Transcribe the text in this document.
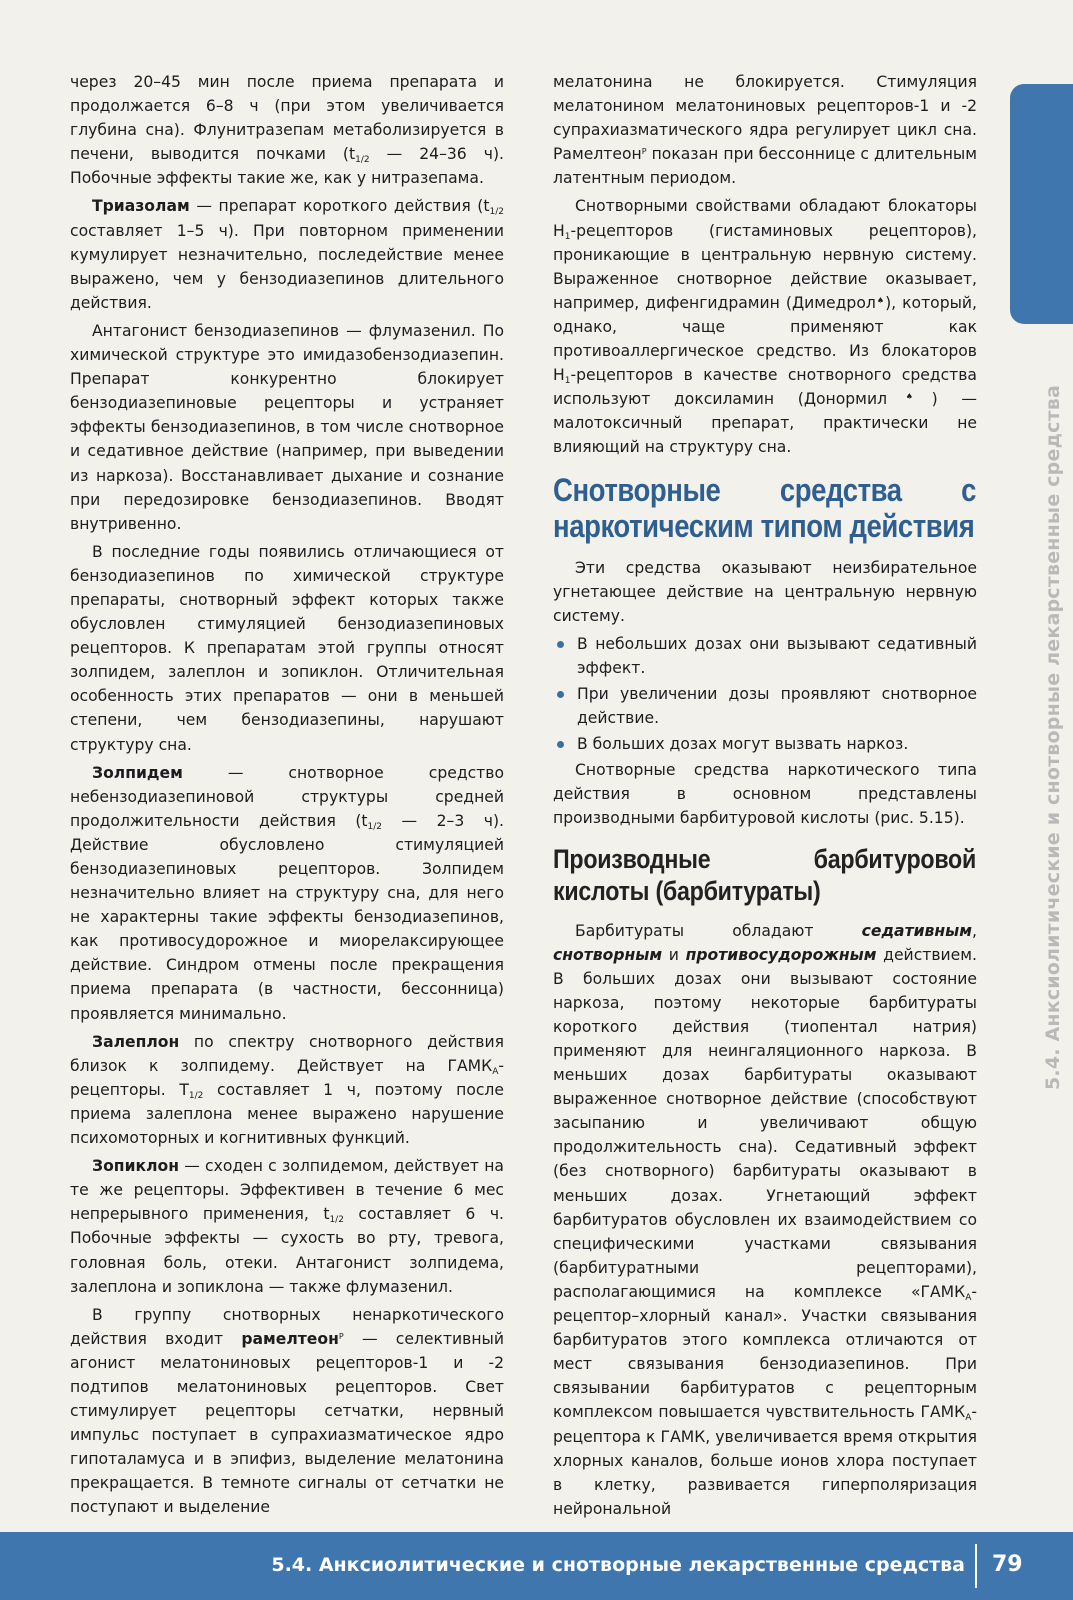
5.4. Анксиолитические и снотворные лекарственные средства

через 20–45 мин после приема препарата и продолжается 6–8 ч (при этом увеличивается глубина сна). Флунитразепам метаболизируется в печени, выводится почками ($t_{1/2}$ — 24–36 ч). Побочные эффекты такие же, как у нитразепама.

Триазолам — препарат короткого действия ($t_{1/2}$ составляет 1–5 ч). При повторном применении кумулирует незначительно, последействие менее выражено, чем у бензодиазепинов длительного действия.

Антагонист бензодиазепинов — флумазенил. По химической структуре это имидазобензодиазепин. Препарат конкурентно блокирует бензодиазепиновые рецепторы и устраняет эффекты бензодиазепинов, в том числе снотворное и седативное действие (например, при выведении из наркоза). Восстанавливает дыхание и сознание при передозировке бензодиазепинов. Вводят внутривенно.

В последние годы появились отличающиеся от бензодиазепинов по химической структуре препараты, снотворный эффект которых также обусловлен стимуляцией бензодиазепиновых рецепторов. К препаратам этой группы относят золпидем, залеплон и зопиклон. Отличительная особенность этих препаратов — они в меньшей степени, чем бензодиазепины, нарушают структуру сна.

Золпидем — снотворное средство небензодиазепиновой структуры средней продолжительности действия ($t_{1/2}$ — 2–3 ч). Действие обусловлено стимуляцией бензодиазепиновых рецепторов. Золпидем незначительно влияет на структуру сна, для него не характерны такие эффекты бензодиазепинов, как противосудорожное и миорелаксирующее действие. Синдром отмены после прекращения приема препарата (в частности, бессонница) проявляется минимально.

Залеплон по спектру снотворного действия близок к золпидему. Действует на $ГАМК_А$-рецепторы. $T_{1/2}$ составляет 1 ч, поэтому после приема залеплона менее выражено нарушение психомоторных и когнитивных функций.

Зопиклон — сходен с золпидемом, действует на те же рецепторы. Эффективен в течение 6 мес непрерывного применения, $t_{1/2}$ составляет 6 ч. Побочные эффекты — сухость во рту, тревога, головная боль, отеки. Антагонист золпидема, залеплона и зопиклона — также флумазенил.

В группу снотворных ненаркотического действия входит рамелтеон$^Р$ — селективный агонист мелатониновых рецепторов-1 и -2 подтипов мелатониновых рецепторов. Свет стимулирует рецепторы сетчатки, нервный импульс поступает в супрахиазматическое ядро гипоталамуса и в эпифиз, выделение мелатонина прекращается. В темноте сигналы от сетчатки не поступают и выделение

мелатонина не блокируется. Стимуляция мелатонином мелатониновых рецепторов-1 и -2 супрахиазматического ядра регулирует цикл сна. Рамелтеон$^Р$ показан при бессоннице с длительным латентным периодом.

Снотворными свойствами обладают блокаторы $H_1$-рецепторов (гистаминовых рецепторов), проникающие в центральную нервную систему. Выраженное снотворное действие оказывает, например, дифенгидрамин (Димедрол♠), который, однако, чаще применяют как противоаллергическое средство. Из блокаторов $H_1$-рецепторов в качестве снотворного средства используют доксиламин (Донормил♠) — малотоксичный препарат, практически не влияющий на структуру сна.

Снотворные средства с наркотическим типом действия

Эти средства оказывают неизбирательное угнетающее действие на центральную нервную систему.

В небольших дозах они вызывают седативный эффект.
При увеличении дозы проявляют снотворное действие.
В больших дозах могут вызвать наркоз.

Снотворные средства наркотического типа действия в основном представлены производными барбитуровой кислоты (рис. 5.15).

Производные барбитуровой кислоты (барбитураты)

Барбитураты обладают седативным, снотворным и противосудорожным действием. В больших дозах они вызывают состояние наркоза, поэтому некоторые барбитураты короткого действия (тиопентал натрия) применяют для неингаляционного наркоза. В меньших дозах барбитураты оказывают выраженное снотворное действие (способствуют засыпанию и увеличивают общую продолжительность сна). Седативный эффект (без снотворного) барбитураты оказывают в меньших дозах. Угнетающий эффект барбитуратов обусловлен их взаимодействием со специфическими участками связывания (барбитуратными рецепторами), располагающимися на комплексе «$ГАМК_А-рецептор$–хлорный канал». Участки связывания барбитуратов этого комплекса отличаются от мест связывания бензодиазепинов. При связывании барбитуратов с рецепторным комплексом повышается чувствительность $ГАМК_А$-рецептора к ГАМК, увеличивается время открытия хлорных каналов, больше ионов хлора поступает в клетку, развивается гиперполяризация нейрональной

5.4. Анксиолитические и снотворные лекарственные средства 79
